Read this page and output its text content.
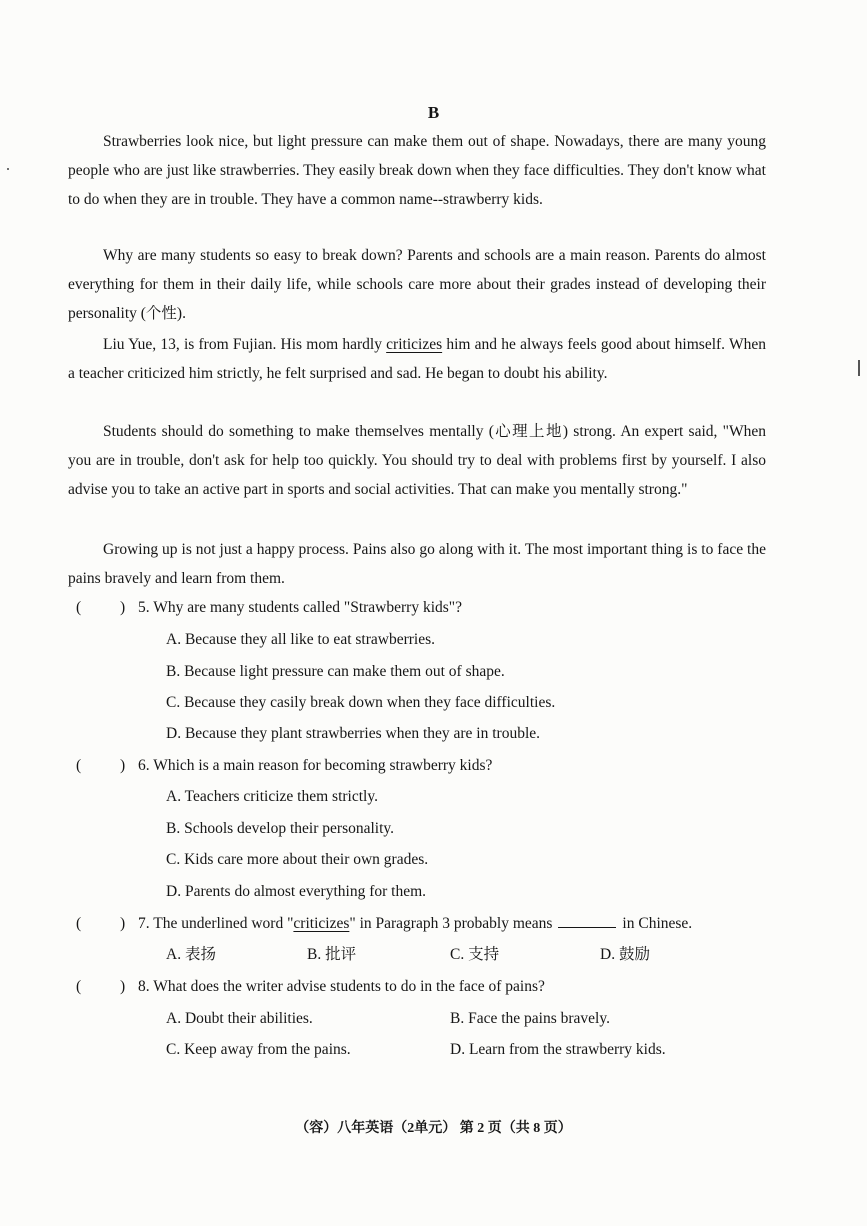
B

Strawberries look nice, but light pressure can make them out of shape. Nowadays, there are many young people who are just like strawberries. They easily break down when they face difficulties. They don't know what to do when they are in trouble. They have a common name--strawberry kids.

Why are many students so easy to break down? Parents and schools are a main reason. Parents do almost everything for them in their daily life, while schools care more about their grades instead of developing their personality (个性).

Liu Yue, 13, is from Fujian. His mom hardly criticizes him and he always feels good about himself. When a teacher criticized him strictly, he felt surprised and sad. He began to doubt his ability.

Students should do something to make themselves mentally (心理上地) strong. An expert said, "When you are in trouble, don't ask for help too quickly. You should try to deal with problems first by yourself. I also advise you to take an active part in sports and social activities. That can make you mentally strong."

Growing up is not just a happy process. Pains also go along with it. The most important thing is to face the pains bravely and learn from them.

(	) 5. Why are many students called "Strawberry kids"?
A. Because they all like to eat strawberries.
B. Because light pressure can make them out of shape.
C. Because they casily break down when they face difficulties.
D. Because they plant strawberries when they are in trouble.
(	) 6. Which is a main reason for becoming strawberry kids?
A. Teachers criticize them strictly.
B. Schools develop their personality.
C. Kids care more about their own grades.
D. Parents do almost everything for them.
(	) 7. The underlined word "criticizes" in Paragraph 3 probably means	in Chinese.
A. 表扬	B. 批评	C. 支持	D. 鼓励
(	) 8. What does the writer advise students to do in the face of pains?
A. Doubt their abilities.	B. Face the pains bravely.
C. Keep away from the pains.	D. Learn from the strawberry kids.
（容）八年英语（2单元） 第 2 页（共 8 页）
